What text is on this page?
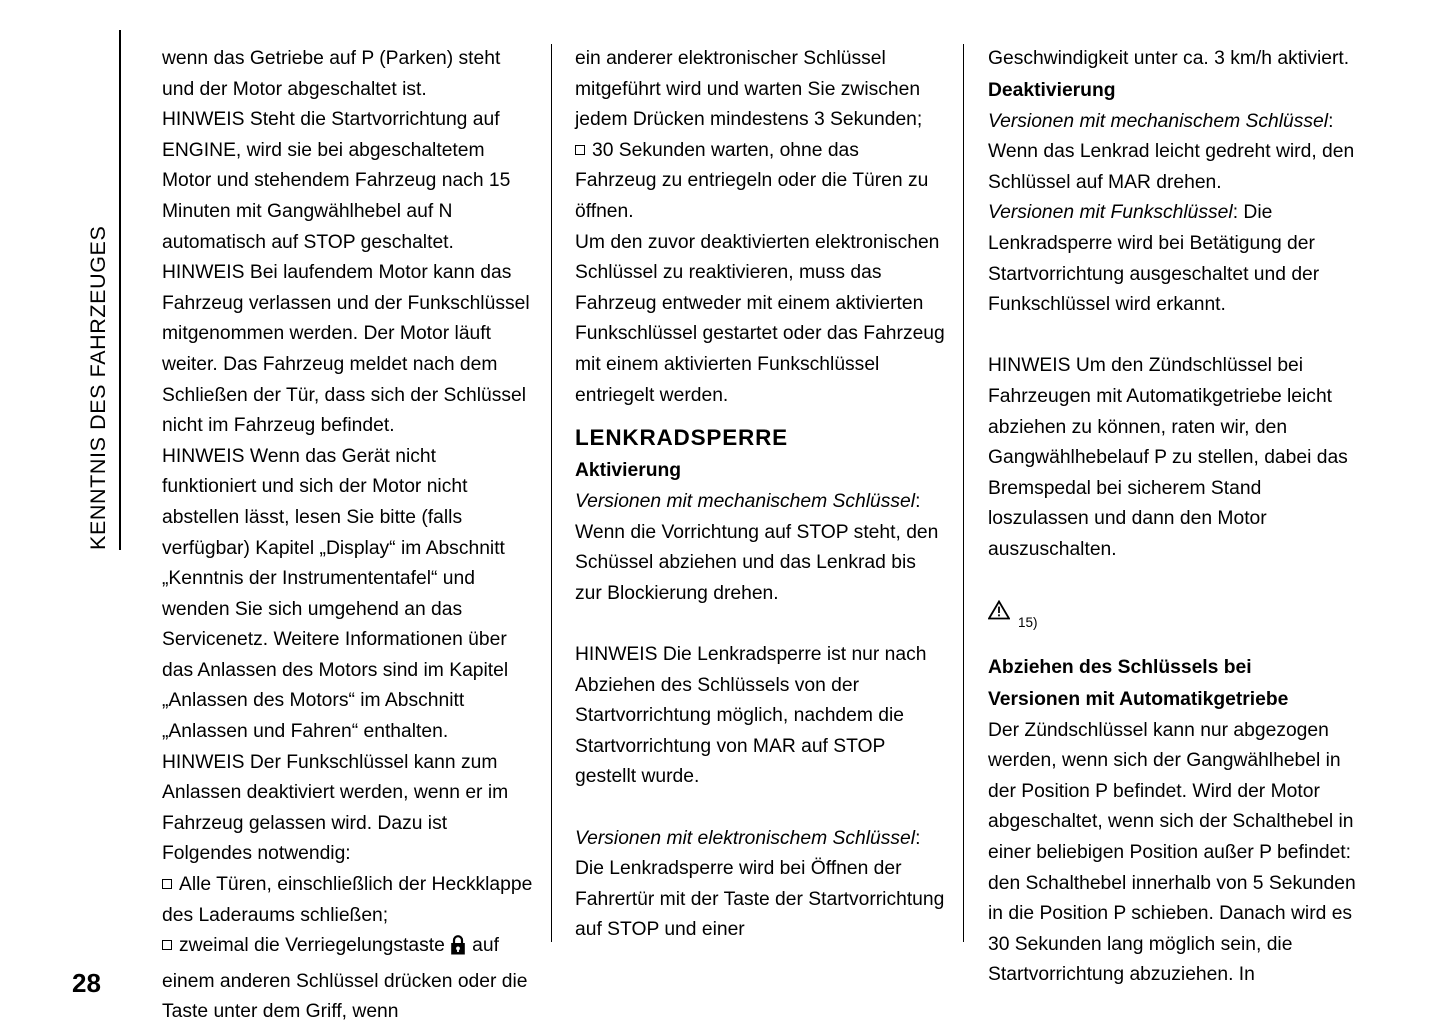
KENNTNIS DES FAHRZEUGES

wenn das Getriebe auf P (Parken) steht und der Motor abgeschaltet ist.

HINWEIS Steht die Startvorrichtung auf ENGINE, wird sie bei abgeschaltetem Motor und stehendem Fahrzeug nach 15 Minuten mit Gangwählhebel auf N automatisch auf STOP geschaltet.

HINWEIS Bei laufendem Motor kann das Fahrzeug verlassen und der Funkschlüssel mitgenommen werden. Der Motor läuft weiter. Das Fahrzeug meldet nach dem Schließen der Tür, dass sich der Schlüssel nicht im Fahrzeug befindet.

HINWEIS Wenn das Gerät nicht funktioniert und sich der Motor nicht abstellen lässt, lesen Sie bitte (falls verfügbar) Kapitel „Display“ im Abschnitt „Kenntnis der Instrumententafel“ und wenden Sie sich umgehend an das Servicenetz. Weitere Informationen über das Anlassen des Motors sind im Kapitel „Anlassen des Motors“ im Abschnitt „Anlassen und Fahren“ enthalten.

HINWEIS Der Funkschlüssel kann zum Anlassen deaktiviert werden, wenn er im Fahrzeug gelassen wird. Dazu ist Folgendes notwendig:

Alle Türen, einschließlich der Heckklappe des Laderaums schließen;

zweimal die Verriegelungstaste auf einem anderen Schlüssel drücken oder die Taste unter dem Griff, wenn

ein anderer elektronischer Schlüssel mitgeführt wird und warten Sie zwischen jedem Drücken mindestens 3 Sekunden;

30 Sekunden warten, ohne das Fahrzeug zu entriegeln oder die Türen zu öffnen.

Um den zuvor deaktivierten elektronischen Schlüssel zu reaktivieren, muss das Fahrzeug entweder mit einem aktivierten Funkschlüssel gestartet oder das Fahrzeug mit einem aktivierten Funkschlüssel entriegelt werden.

LENKRADSPERRE

Aktivierung

Versionen mit mechanischem Schlüssel: Wenn die Vorrichtung auf STOP steht, den Schüssel abziehen und das Lenkrad bis zur Blockierung drehen.

HINWEIS Die Lenkradsperre ist nur nach Abziehen des Schlüssels von der Startvorrichtung möglich, nachdem die Startvorrichtung von MAR auf STOP gestellt wurde.

Versionen mit elektronischem Schlüssel: Die Lenkradsperre wird bei Öffnen der Fahrertür mit der Taste der Startvorrichtung auf STOP und einer

Geschwindigkeit unter ca. 3 km/h aktiviert.

Deaktivierung

Versionen mit mechanischem Schlüssel: Wenn das Lenkrad leicht gedreht wird, den Schlüssel auf MAR drehen.

Versionen mit Funkschlüssel: Die Lenkradsperre wird bei Betätigung der Startvorrichtung ausgeschaltet und der Funkschlüssel wird erkannt.

HINWEIS Um den Zündschlüssel bei Fahrzeugen mit Automatikgetriebe leicht abziehen zu können, raten wir, den Gangwählhebelauf P zu stellen, dabei das Bremspedal bei sicherem Stand loszulassen und dann den Motor auszuschalten.

15)

Abziehen des Schlüssels bei

Versionen mit Automatikgetriebe

Der Zündschlüssel kann nur abgezogen werden, wenn sich der Gangwählhebel in der Position P befindet. Wird der Motor abgeschaltet, wenn sich der Schalthebel in einer beliebigen Position außer P befindet: den Schalthebel innerhalb von 5 Sekunden in die Position P schieben. Danach wird es 30 Sekunden lang möglich sein, die Startvorrichtung abzuziehen. In

28
